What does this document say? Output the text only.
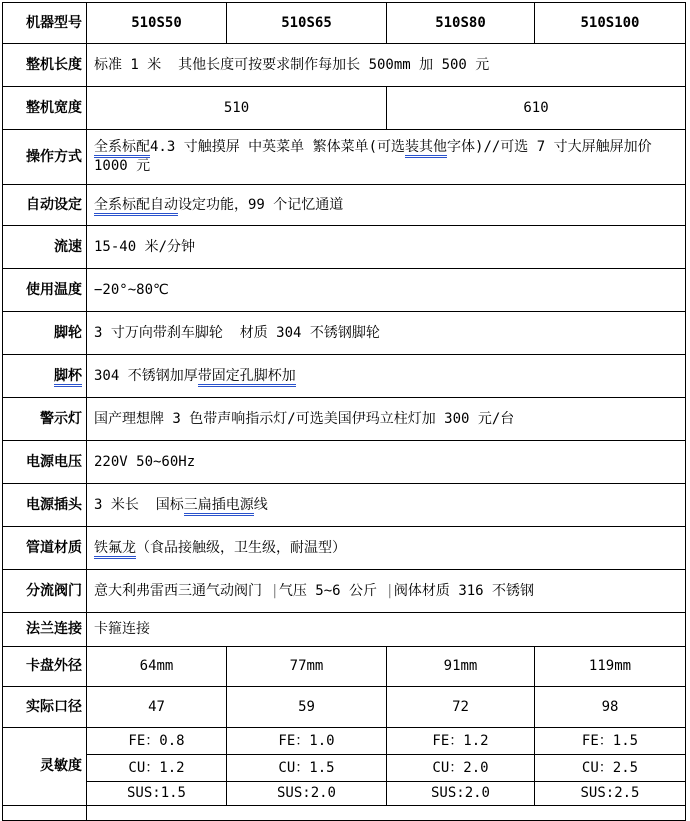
机器型号	510S50	510S65	510S80	510S100
整机长度	标准 1 米  其他长度可按要求制作每加长 500mm 加 500 元			
整机宽度	510		610	
操作方式	全系标配4.3 寸触摸屏 中英菜单 繁体菜单(可选装其他字体)//可选 7 寸大屏触屏加价 1000 元			
自动设定	全系标配自动设定功能，99 个记忆通道			
流速	15-40 米/分钟			
使用温度	−20°~80℃			
脚轮	3 寸万向带刹车脚轮  材质 304 不锈钢脚轮			
脚杯	304 不锈钢加厚带固定孔脚杯加			
警示灯	国产理想牌 3 色带声响指示灯/可选美国伊玛立柱灯加 300 元/台			
电源电压	220V 50~60Hz			
电源插头	3 米长  国标三扁插电源线			
管道材质	铁氟龙（食品接触级，卫生级，耐温型）			
分流阀门	意大利弗雷西三通气动阀门 |气压 5~6 公斤 |阀体材质 316 不锈钢			
法兰连接	卡箍连接			
卡盘外径	64mm	77mm	91mm	119mm
实际口径	47	59	72	98
灵敏度	FE：0.8	FE：1.0	FE：1.2	FE：1.5
	CU：1.2	CU：1.5	CU：2.0	CU：2.5
	SUS:1.5	SUS:2.0	SUS:2.0	SUS:2.5
